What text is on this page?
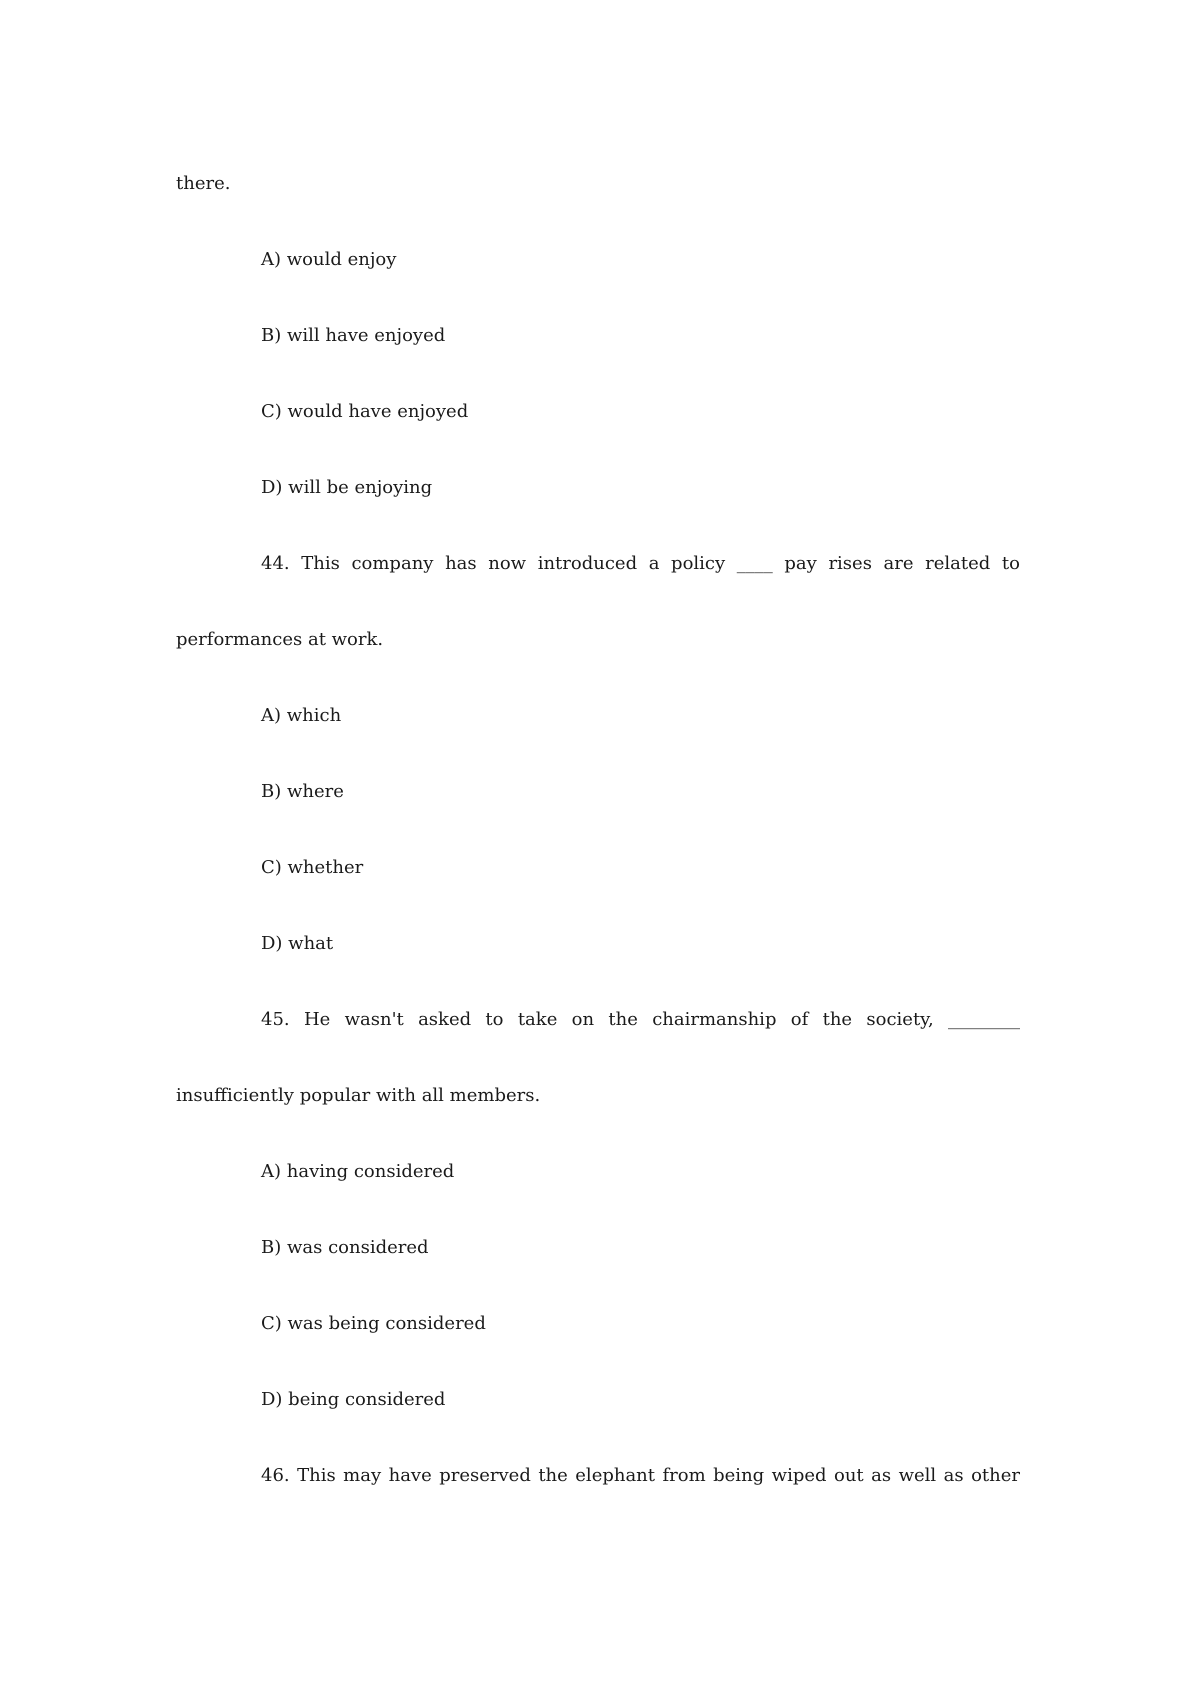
there.
A) would enjoy
B) will have enjoyed
C) would have enjoyed
D) will be enjoying
44. This company has now introduced a policy ____ pay rises are related to
performances at work.
A) which
B) where
C) whether
D) what
45. He wasn't asked to take on the chairmanship of the society, ________
insufficiently popular with all members.
A) having considered
B) was considered
C) was being considered
D) being considered
46. This may have preserved the elephant from being wiped out as well as other
